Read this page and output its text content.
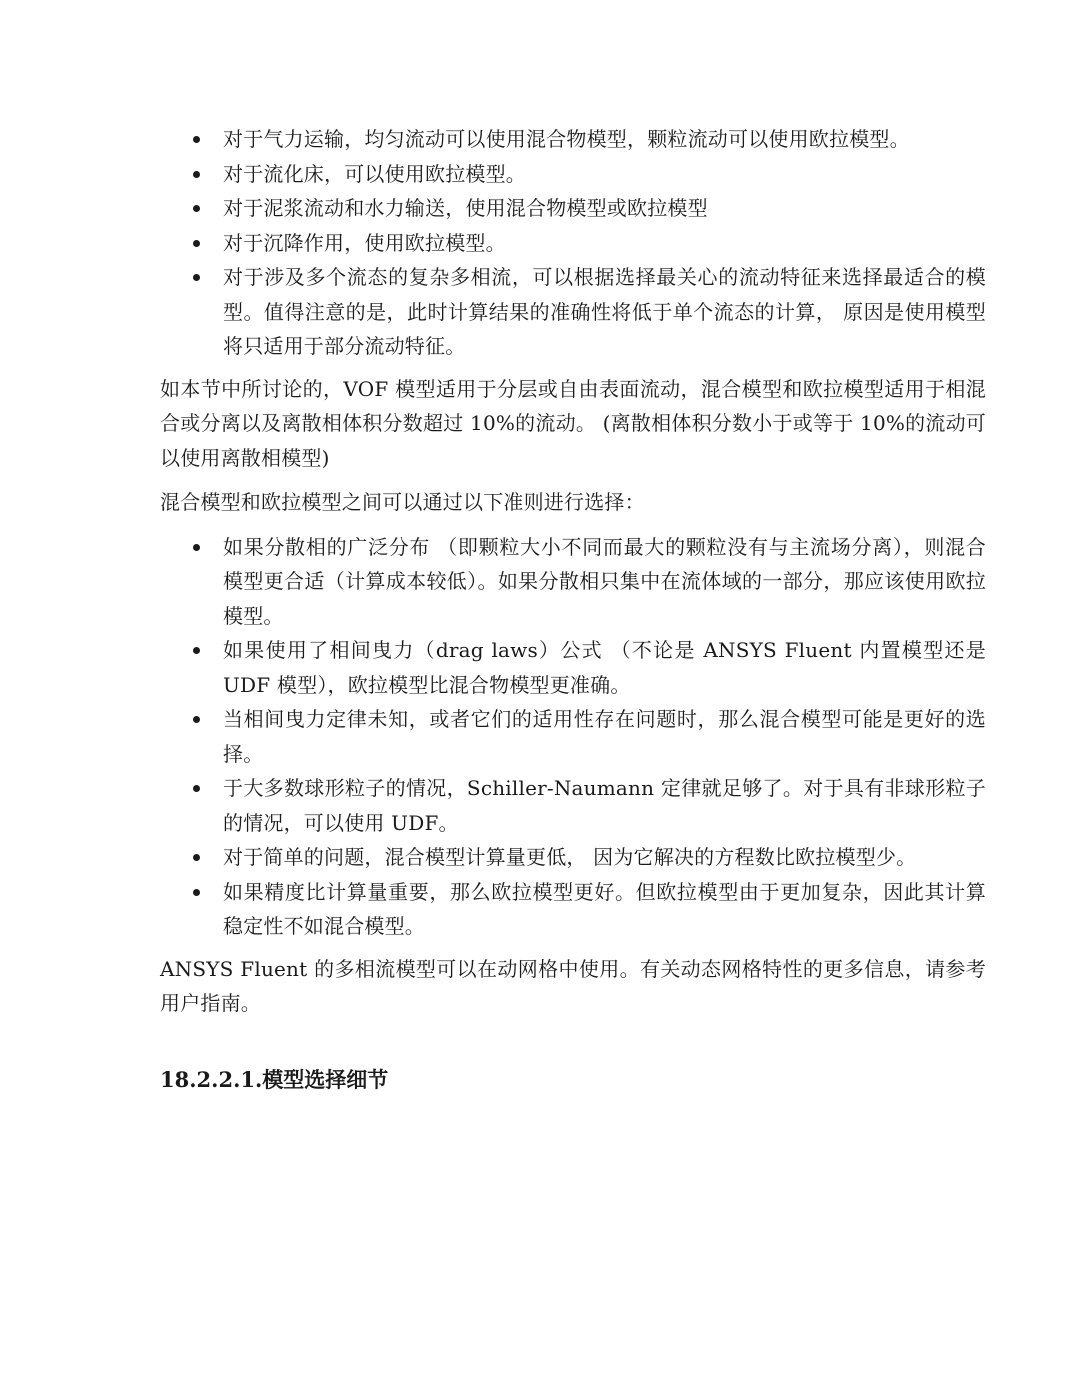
对于气力运输，均匀流动可以使用混合物模型，颗粒流动可以使用欧拉模型。
对于流化床，可以使用欧拉模型。
对于泥浆流动和水力输送，使用混合物模型或欧拉模型
对于沉降作用，使用欧拉模型。
对于涉及多个流态的复杂多相流，可以根据选择最关心的流动特征来选择最适合的模型。值得注意的是，此时计算结果的准确性将低于单个流态的计算， 原因是使用模型将只适用于部分流动特征。

如本节中所讨论的，VOF 模型适用于分层或自由表面流动，混合模型和欧拉模型适用于相混合或分离以及离散相体积分数超过 10%的流动。 (离散相体积分数小于或等于 10%的流动可以使用离散相模型)

混合模型和欧拉模型之间可以通过以下准则进行选择：

如果分散相的广泛分布 （即颗粒大小不同而最大的颗粒没有与主流场分离），则混合模型更合适（计算成本较低）。如果分散相只集中在流体域的一部分，那应该使用欧拉模型。
如果使用了相间曳力（drag laws）公式 （不论是 ANSYS Fluent 内置模型还是 UDF 模型），欧拉模型比混合物模型更准确。
当相间曳力定律未知，或者它们的适用性存在问题时，那么混合模型可能是更好的选择。
于大多数球形粒子的情况，Schiller-Naumann 定律就足够了。对于具有非球形粒子的情况，可以使用 UDF。
对于简单的问题，混合模型计算量更低， 因为它解决的方程数比欧拉模型少。
如果精度比计算量重要，那么欧拉模型更好。但欧拉模型由于更加复杂，因此其计算稳定性不如混合模型。

ANSYS Fluent 的多相流模型可以在动网格中使用。有关动态网格特性的更多信息，请参考用户指南。

18.2.2.1.模型选择细节
